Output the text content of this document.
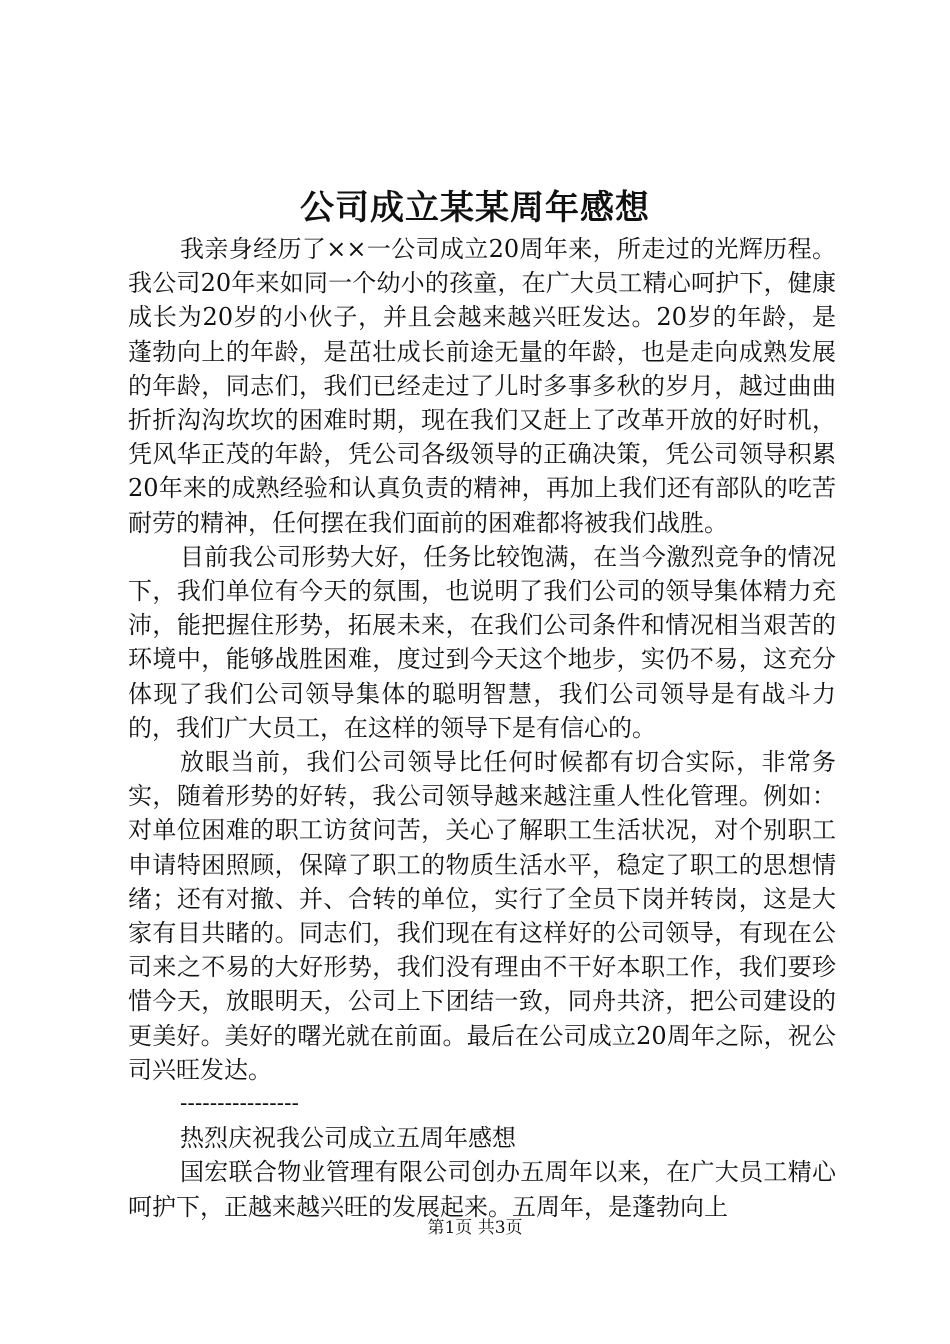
公司成立某某周年感想

我亲身经历了××一公司成立20周年来，所走过的光辉历程。我公司20年来如同一个幼小的孩童，在广大员工精心呵护下，健康成长为20岁的小伙子，并且会越来越兴旺发达。20岁的年龄，是蓬勃向上的年龄，是茁壮成长前途无量的年龄，也是走向成熟发展的年龄，同志们，我们已经走过了儿时多事多秋的岁月，越过曲曲折折沟沟坎坎的困难时期，现在我们又赶上了改革开放的好时机，凭风华正茂的年龄，凭公司各级领导的正确决策，凭公司领导积累20年来的成熟经验和认真负责的精神，再加上我们还有部队的吃苦耐劳的精神，任何摆在我们面前的困难都将被我们战胜。

目前我公司形势大好，任务比较饱满，在当今激烈竞争的情况下，我们单位有今天的氛围，也说明了我们公司的领导集体精力充沛，能把握住形势，拓展未来，在我们公司条件和情况相当艰苦的环境中，能够战胜困难，度过到今天这个地步，实仍不易，这充分体现了我们公司领导集体的聪明智慧，我们公司领导是有战斗力的，我们广大员工，在这样的领导下是有信心的。

放眼当前，我们公司领导比任何时候都有切合实际，非常务实，随着形势的好转，我公司领导越来越注重人性化管理。例如：对单位困难的职工访贫问苦，关心了解职工生活状况，对个别职工申请特困照顾，保障了职工的物质生活水平，稳定了职工的思想情绪；还有对撤、并、合转的单位，实行了全员下岗并转岗，这是大家有目共睹的。同志们，我们现在有这样好的公司领导，有现在公司来之不易的大好形势，我们没有理由不干好本职工作，我们要珍惜今天，放眼明天，公司上下团结一致，同舟共济，把公司建设的更美好。美好的曙光就在前面。最后在公司成立20周年之际，祝公司兴旺发达。

----------------

热烈庆祝我公司成立五周年感想

国宏联合物业管理有限公司创办五周年以来，在广大员工精心呵护下，正越来越兴旺的发展起来。五周年，是蓬勃向上

第1页 共3页
